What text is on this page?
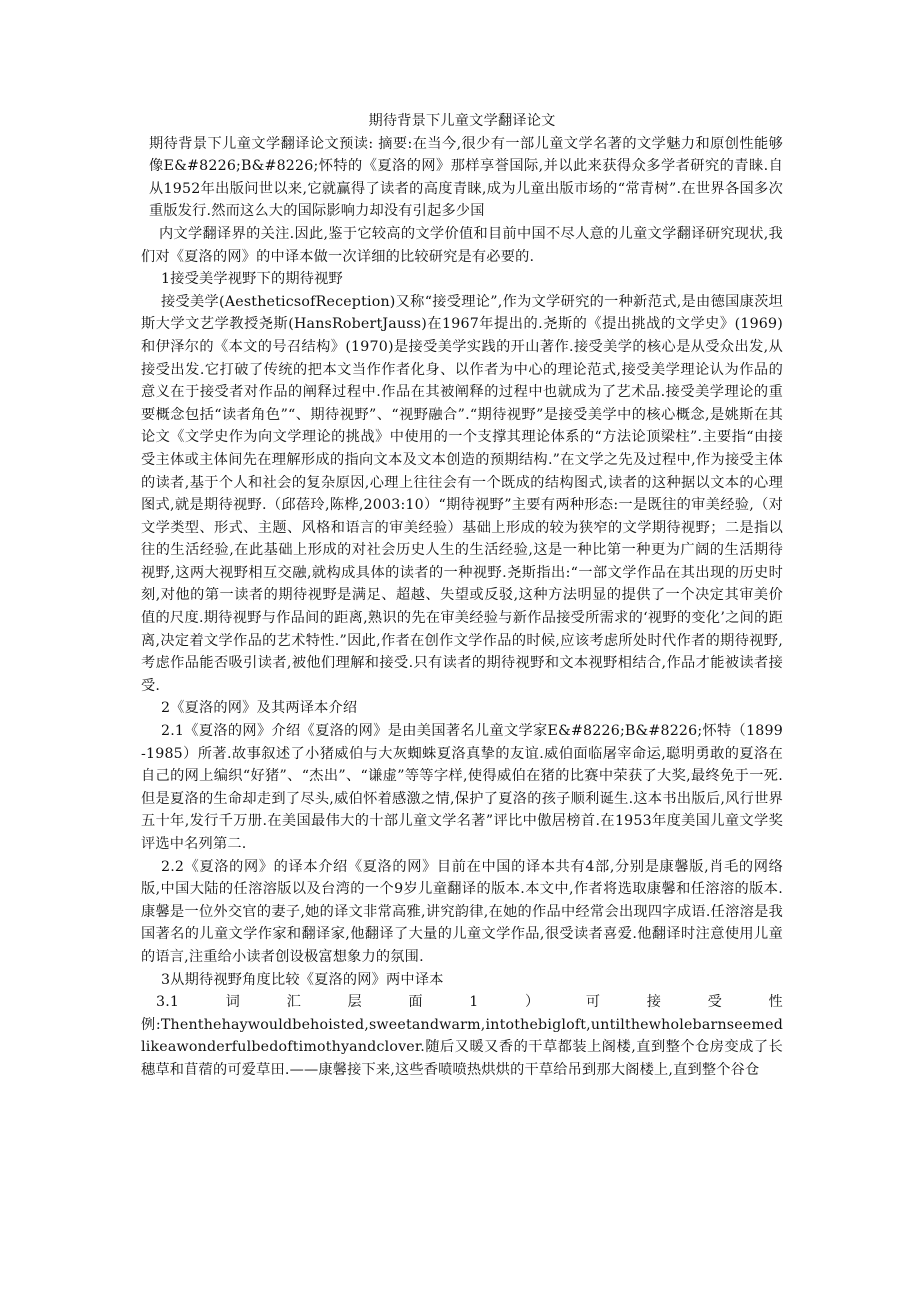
期待背景下儿童文学翻译论文

期待背景下儿童文学翻译论文预读: 摘要:在当今,很少有一部儿童文学名著的文学魅力和原创性能够像E&#8226;B&#8226;怀特的《夏洛的网》那样享誉国际,并以此来获得众多学者研究的青睐.自从1952年出版问世以来,它就赢得了读者的高度青睐,成为儿童出版市场的“常青树”.在世界各国多次重版发行.然而这么大的国际影响力却没有引起多少国

内文学翻译界的关注.因此,鉴于它较高的文学价值和目前中国不尽人意的儿童文学翻译研究现状,我们对《夏洛的网》的中译本做一次详细的比较研究是有必要的.

1接受美学视野下的期待视野

接受美学(AestheticsofReception)又称“接受理论”,作为文学研究的一种新范式,是由德国康茨坦斯大学文艺学教授尧斯(HansRobertJauss)在1967年提出的.尧斯的《提出挑战的文学史》(1969)和伊泽尔的《本文的号召结构》(1970)是接受美学实践的开山著作.接受美学的核心是从受众出发,从接受出发.它打破了传统的把本文当作作者化身、以作者为中心的理论范式,接受美学理论认为作品的意义在于接受者对作品的阐释过程中.作品在其被阐释的过程中也就成为了艺术品.接受美学理论的重要概念包括“读者角色”“、期待视野”、“视野融合”.“期待视野”是接受美学中的核心概念,是姚斯在其论文《文学史作为向文学理论的挑战》中使用的一个支撑其理论体系的“方法论顶梁柱”.主要指“由接受主体或主体间先在理解形成的指向文本及文本创造的预期结构.”在文学之先及过程中,作为接受主体的读者,基于个人和社会的复杂原因,心理上往往会有一个既成的结构图式,读者的这种据以文本的心理图式,就是期待视野.（邱蓓玲,陈桦,2003:10）“期待视野”主要有两种形态:一是既往的审美经验,（对文学类型、形式、主题、风格和语言的审美经验）基础上形成的较为狭窄的文学期待视野；二是指以往的生活经验,在此基础上形成的对社会历史人生的生活经验,这是一种比第一种更为广阔的生活期待视野,这两大视野相互交融,就构成具体的读者的一种视野.尧斯指出:“一部文学作品在其出现的历史时刻,对他的第一读者的期待视野是满足、超越、失望或反驳,这种方法明显的提供了一个决定其审美价值的尺度.期待视野与作品间的距离,熟识的先在审美经验与新作品接受所需求的‘视野的变化’之间的距离,决定着文学作品的艺术特性.”因此,作者在创作文学作品的时候,应该考虑所处时代作者的期待视野,考虑作品能否吸引读者,被他们理解和接受.只有读者的期待视野和文本视野相结合,作品才能被读者接受.

2《夏洛的网》及其两译本介绍

2.1《夏洛的网》介绍《夏洛的网》是由美国著名儿童文学家E&#8226;B&#8226;怀特（1899-1985）所著.故事叙述了小猪威伯与大灰蜘蛛夏洛真挚的友谊.威伯面临屠宰命运,聪明勇敢的夏洛在自己的网上编织“好猪”、“杰出”、“谦虚”等等字样,使得威伯在猪的比赛中荣获了大奖,最终免于一死.但是夏洛的生命却走到了尽头,威伯怀着感激之情,保护了夏洛的孩子顺利诞生.这本书出版后,风行世界五十年,发行千万册.在美国最伟大的十部儿童文学名著”评比中傲居榜首.在1953年度美国儿童文学奖评选中名列第二.

2.2《夏洛的网》的译本介绍《夏洛的网》目前在中国的译本共有4部,分别是康馨版,肖毛的网络版,中国大陆的任溶溶版以及台湾的一个9岁儿童翻译的版本.本文中,作者将选取康馨和任溶溶的版本.康馨是一位外交官的妻子,她的译文非常高雅,讲究韵律,在她的作品中经常会出现四字成语.任溶溶是我国著名的儿童文学作家和翻译家,他翻译了大量的儿童文学作品,很受读者喜爱.他翻译时注意使用儿童的语言,注重给小读者创设极富想象力的氛围.

3从期待视野角度比较《夏洛的网》两中译本

3.1	词	汇	层	面	1	）	可	接	受	性

例:Thenthehaywouldbehoisted,sweetandwarm,intothebigloft,untilthewholebarnseemedlikeawonderfulbedoftimothyandclover.随后又暖又香的干草都装上阁楼,直到整个仓房变成了长穗草和苜蓿的可爱草田.——康馨接下来,这些香喷喷热烘烘的干草给吊到那大阁楼上,直到整个谷仓
